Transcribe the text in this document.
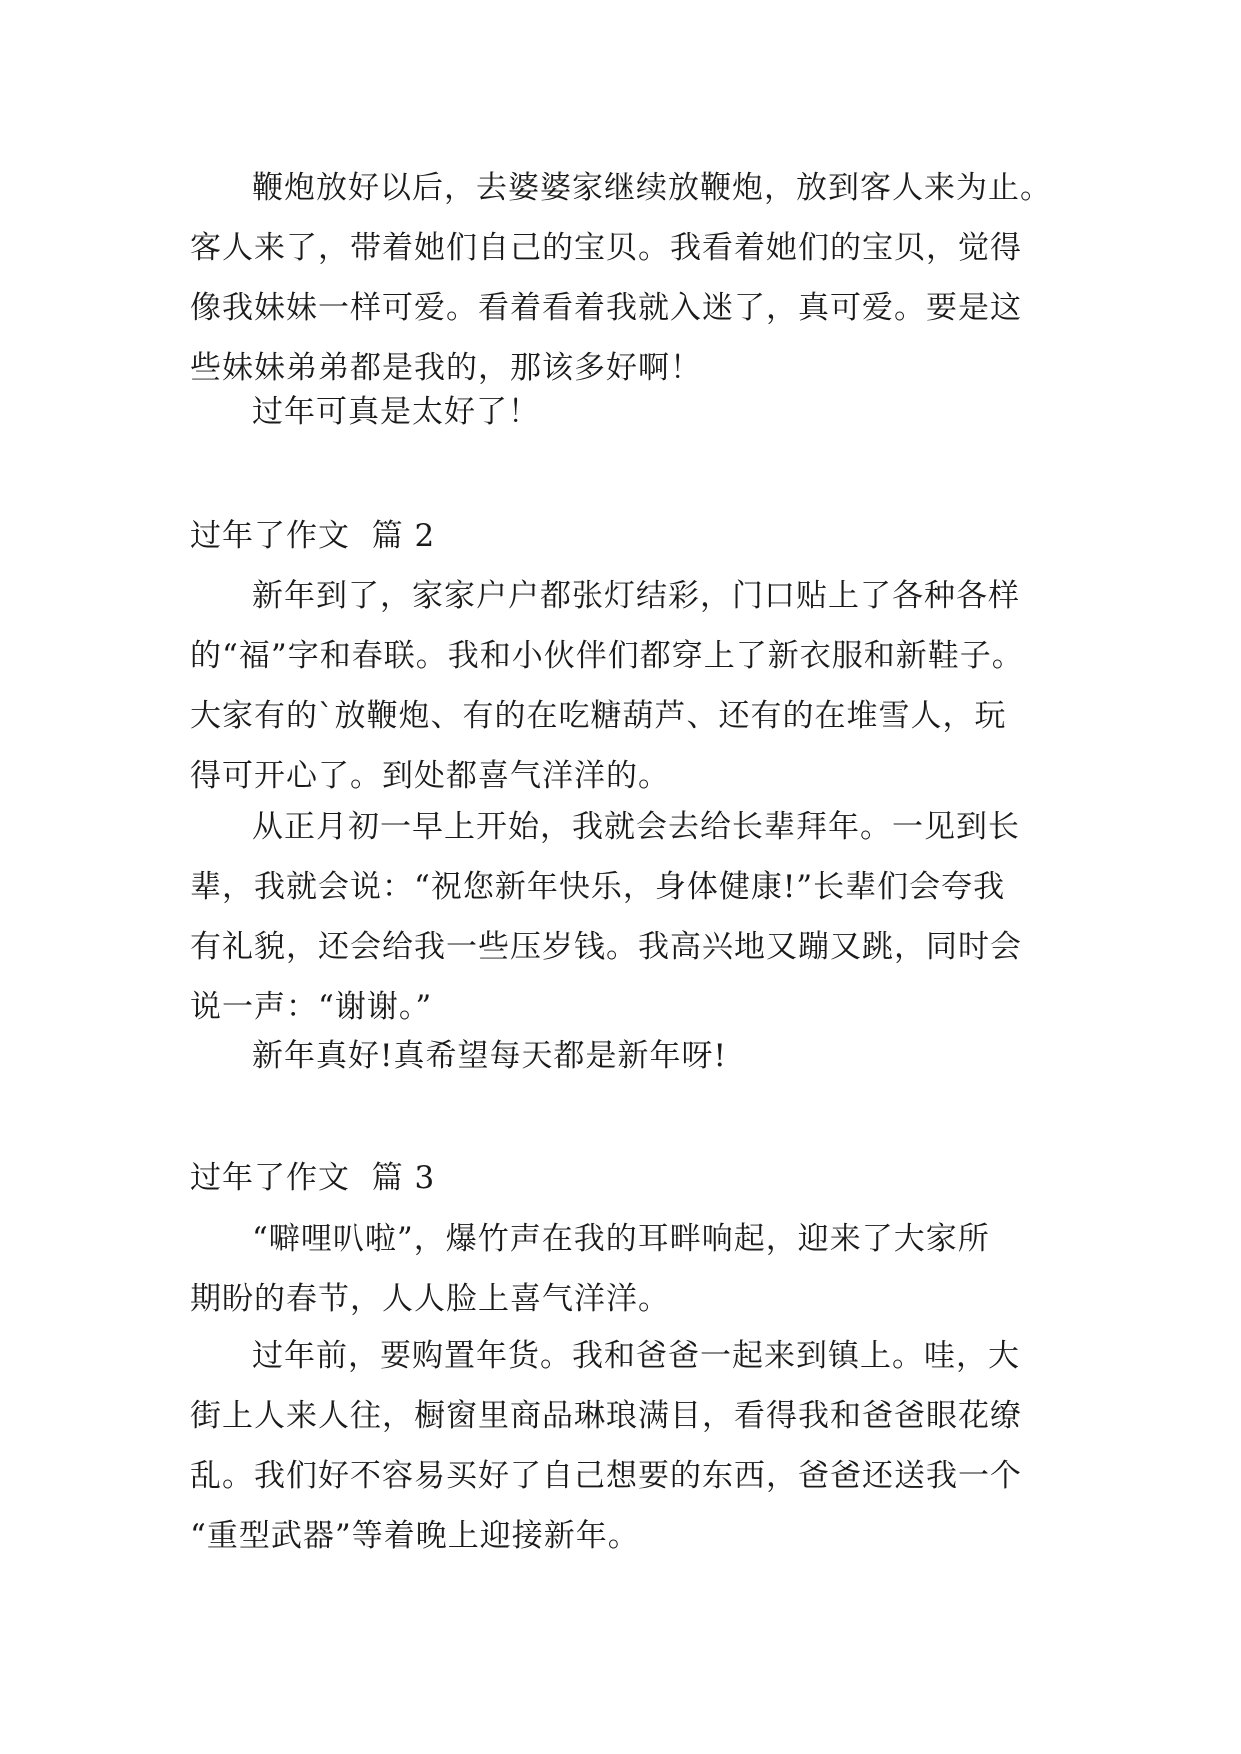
鞭炮放好以后，去婆婆家继续放鞭炮，放到客人来为止。
客人来了，带着她们自己的宝贝。我看着她们的宝贝，觉得
像我妹妹一样可爱。看着看着我就入迷了，真可爱。要是这
些妹妹弟弟都是我的，那该多好啊！
过年可真是太好了！
过年了作文  篇 2
新年到了，家家户户都张灯结彩，门口贴上了各种各样
的“福”字和春联。我和小伙伴们都穿上了新衣服和新鞋子。
大家有的`放鞭炮、有的在吃糖葫芦、还有的在堆雪人，玩
得可开心了。到处都喜气洋洋的。
从正月初一早上开始，我就会去给长辈拜年。一见到长
辈，我就会说：“祝您新年快乐，身体健康!”长辈们会夸我
有礼貌，还会给我一些压岁钱。我高兴地又蹦又跳，同时会
说一声：“谢谢。”
新年真好!真希望每天都是新年呀!
过年了作文  篇 3
“噼哩叭啦”，爆竹声在我的耳畔响起，迎来了大家所
期盼的春节，人人脸上喜气洋洋。
过年前，要购置年货。我和爸爸一起来到镇上。哇，大
街上人来人往，橱窗里商品琳琅满目，看得我和爸爸眼花缭
乱。我们好不容易买好了自己想要的东西，爸爸还送我一个
“重型武器”等着晚上迎接新年。
